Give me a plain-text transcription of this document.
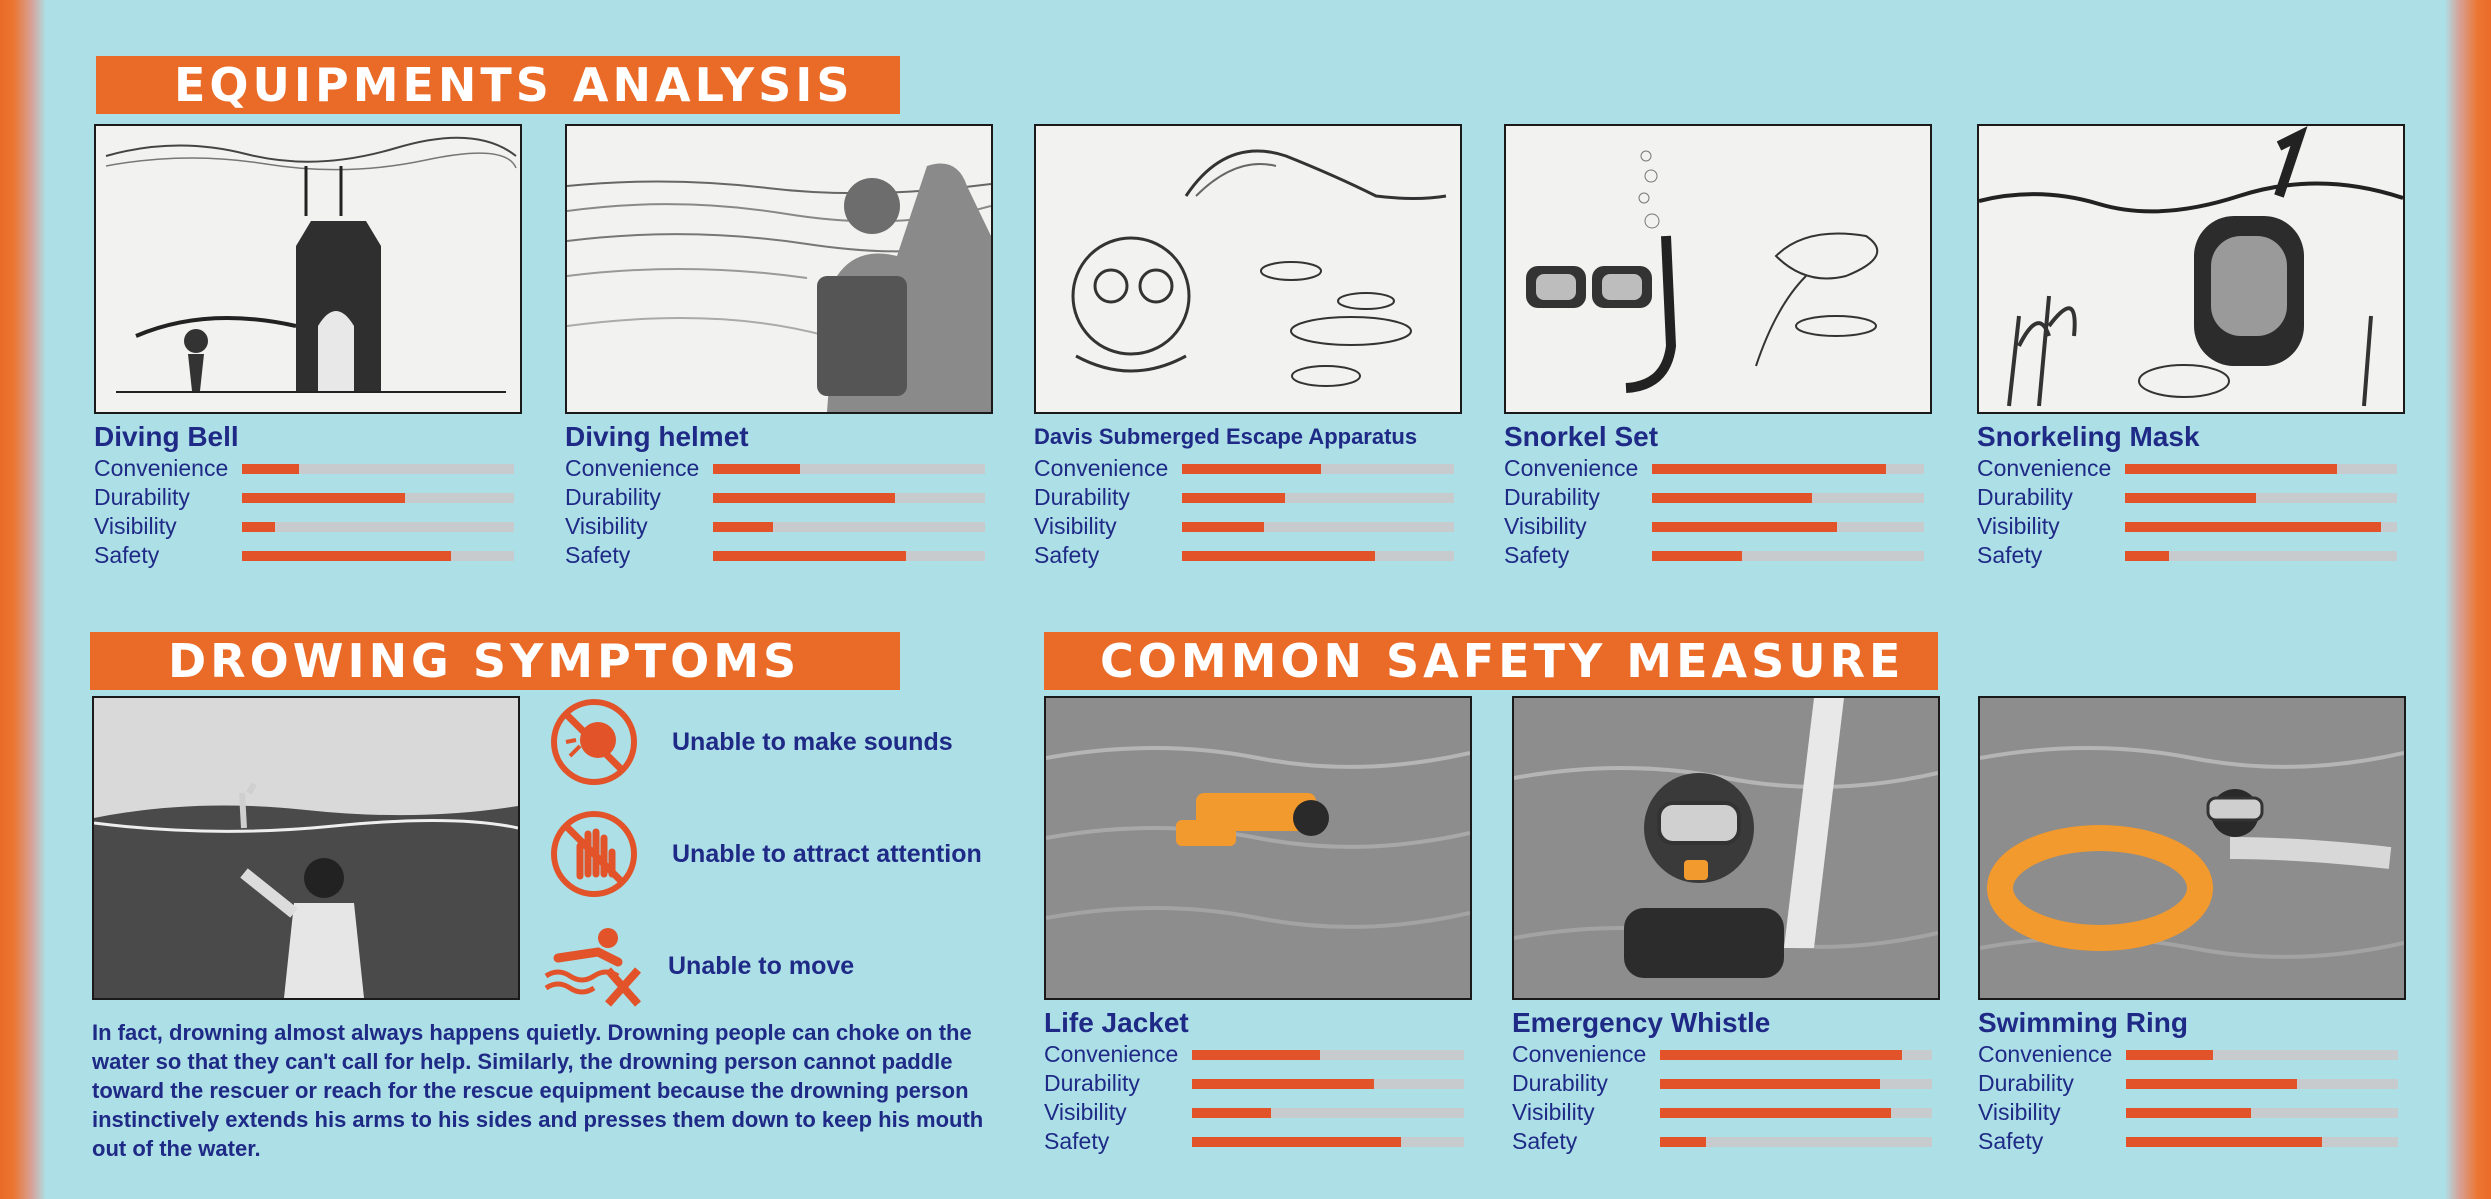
EQUIPMENTS ANALYSIS
DROWING SYMPTOMS	COMMON SAFETY MEASURE
Diving Bell
Convenience
Durability
Visibility
Safety
Diving helmet
Convenience
Durability
Visibility
Safety
Davis Submerged Escape Apparatus
Convenience
Durability
Visibility
Safety
Snorkel Set
Convenience
Durability
Visibility
Safety
Snorkeling Mask
Convenience
Durability
Visibility
Safety
Unable to make sounds
Unable to attract attention
Unable to move
In fact, drowning almost always happens quietly. Drowning people can choke on the water so that they can't call for help. Similarly, the drowning person cannot paddle toward the rescuer or reach for the rescue equipment because the drowning person instinctively extends his arms to his sides and presses them down to keep his mouth out of the water.
Life Jacket
Convenience
Durability
Visibility
Safety
Emergency Whistle
Convenience
Durability
Visibility
Safety
Swimming Ring
Convenience
Durability
Visibility
Safety
